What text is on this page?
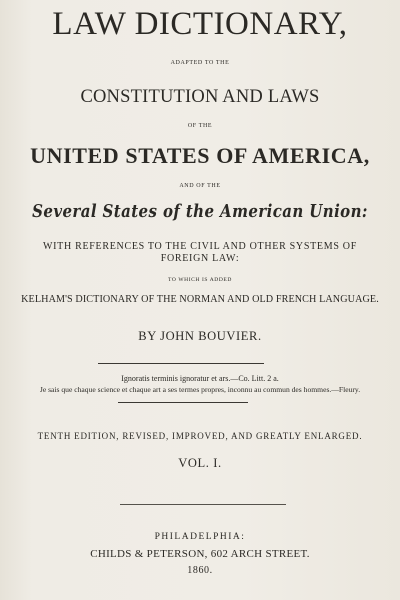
LAW DICTIONARY,
ADAPTED TO THE
CONSTITUTION AND LAWS
OF THE
UNITED STATES OF AMERICA,
AND OF THE
Several States of the American Union:
WITH REFERENCES TO THE CIVIL AND OTHER SYSTEMS OF FOREIGN LAW:
TO WHICH IS ADDED
KELHAM'S DICTIONARY OF THE NORMAN AND OLD FRENCH LANGUAGE.
BY JOHN BOUVIER.
Ignoratis terminis ignoratur et ars.—Co. Litt. 2 a.
Je sais que chaque science et chaque art a ses termes propres, inconnu au commun des hommes.—Fleury.
TENTH EDITION, REVISED, IMPROVED, AND GREATLY ENLARGED.
VOL. I.
PHILADELPHIA:
CHILDS & PETERSON, 602 ARCH STREET.
1860.
